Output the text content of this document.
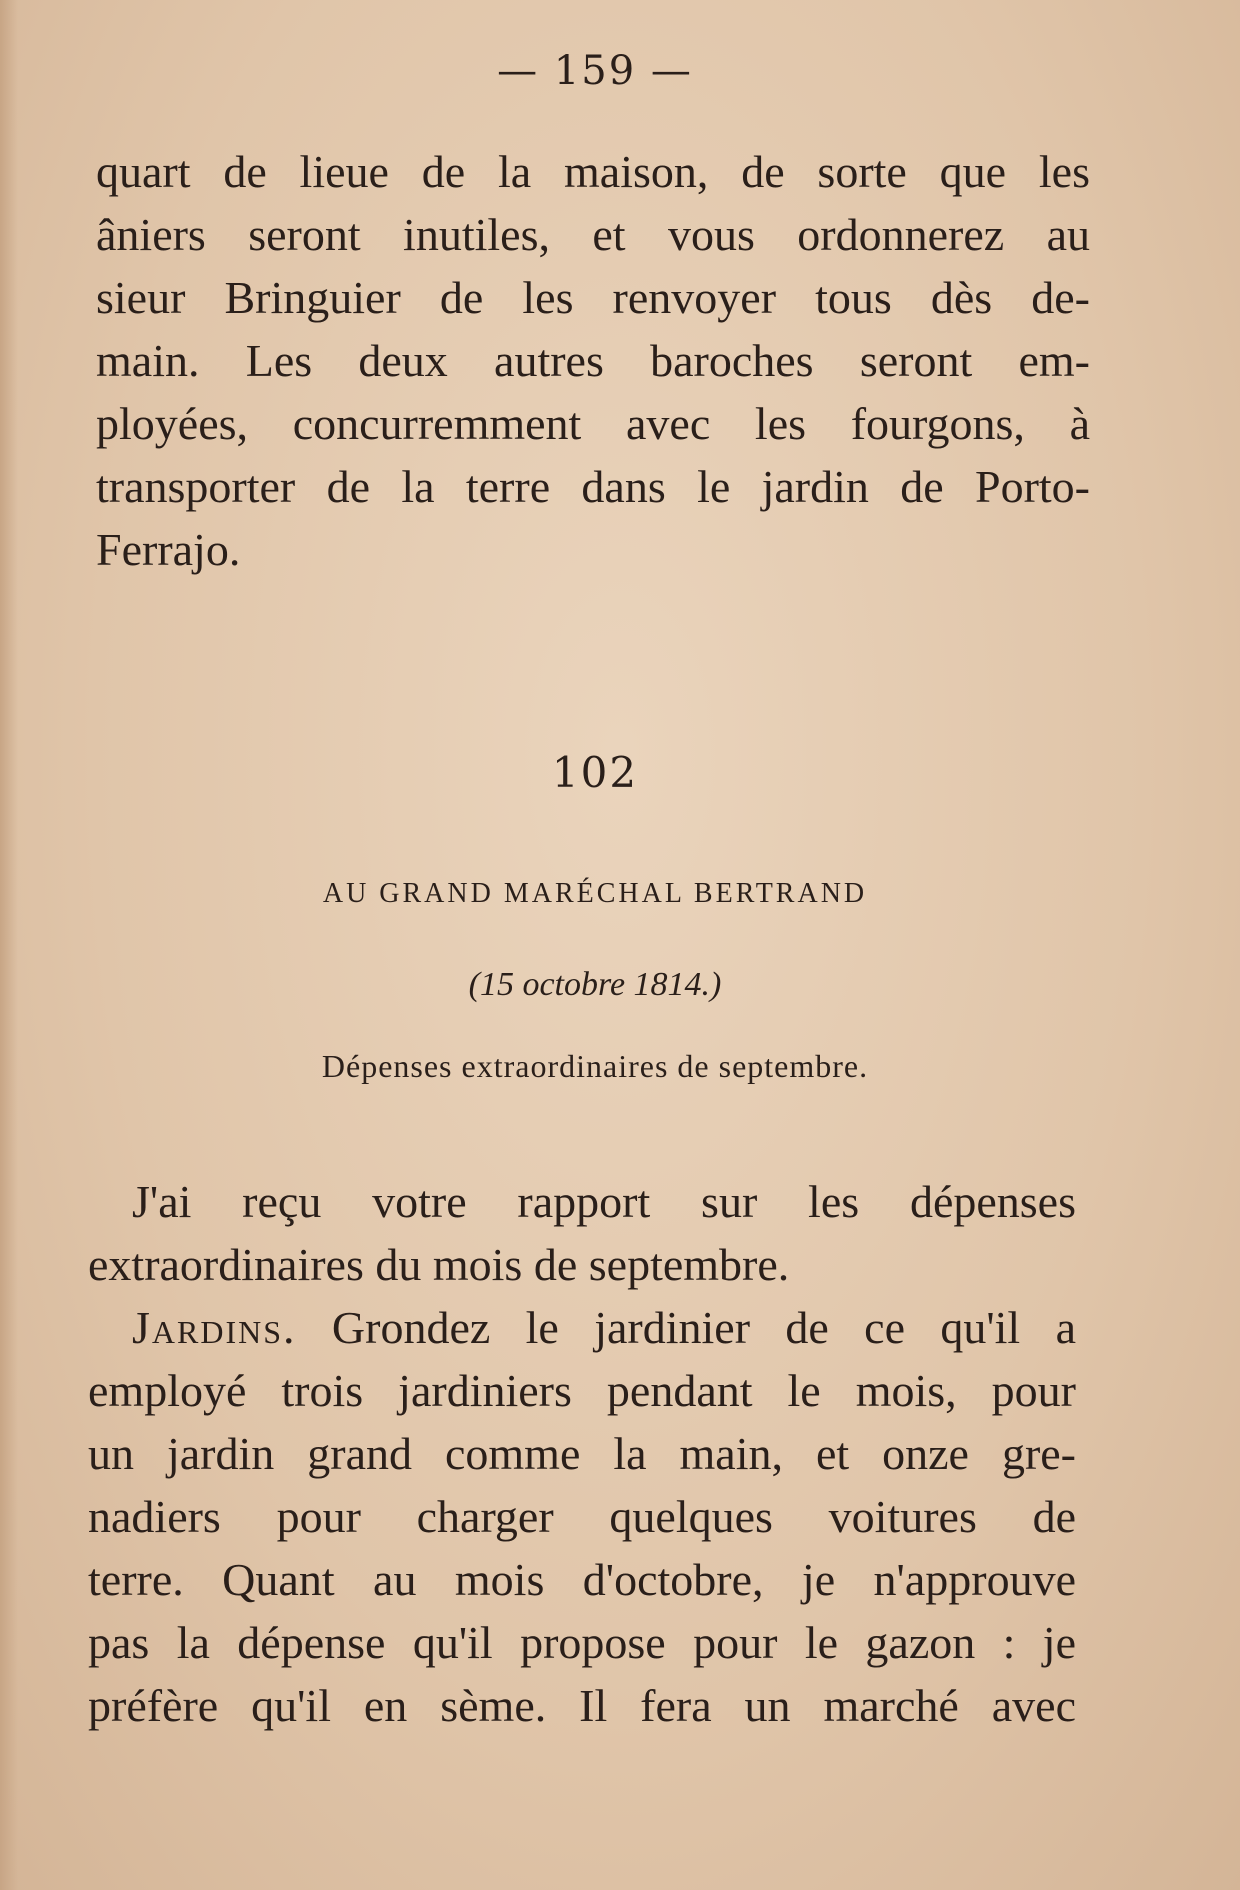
— 159 —
quart de lieue de la maison, de sorte que les
âniers seront inutiles, et vous ordonnerez au
sieur Bringuier de les renvoyer tous dès de-
main. Les deux autres baroches seront em-
ployées, concurremment avec les fourgons, à
transporter de la terre dans le jardin de Porto-
Ferrajo.
102
AU GRAND MARÉCHAL BERTRAND
(15 octobre 1814.)
Dépenses extraordinaires de septembre.
J'ai reçu votre rapport sur les dépenses
extraordinaires du mois de septembre.
Jardins. Grondez le jardinier de ce qu'il a
employé trois jardiniers pendant le mois, pour
un jardin grand comme la main, et onze gre-
nadiers pour charger quelques voitures de
terre. Quant au mois d'octobre, je n'approuve
pas la dépense qu'il propose pour le gazon : je
préfère qu'il en sème. Il fera un marché avec
